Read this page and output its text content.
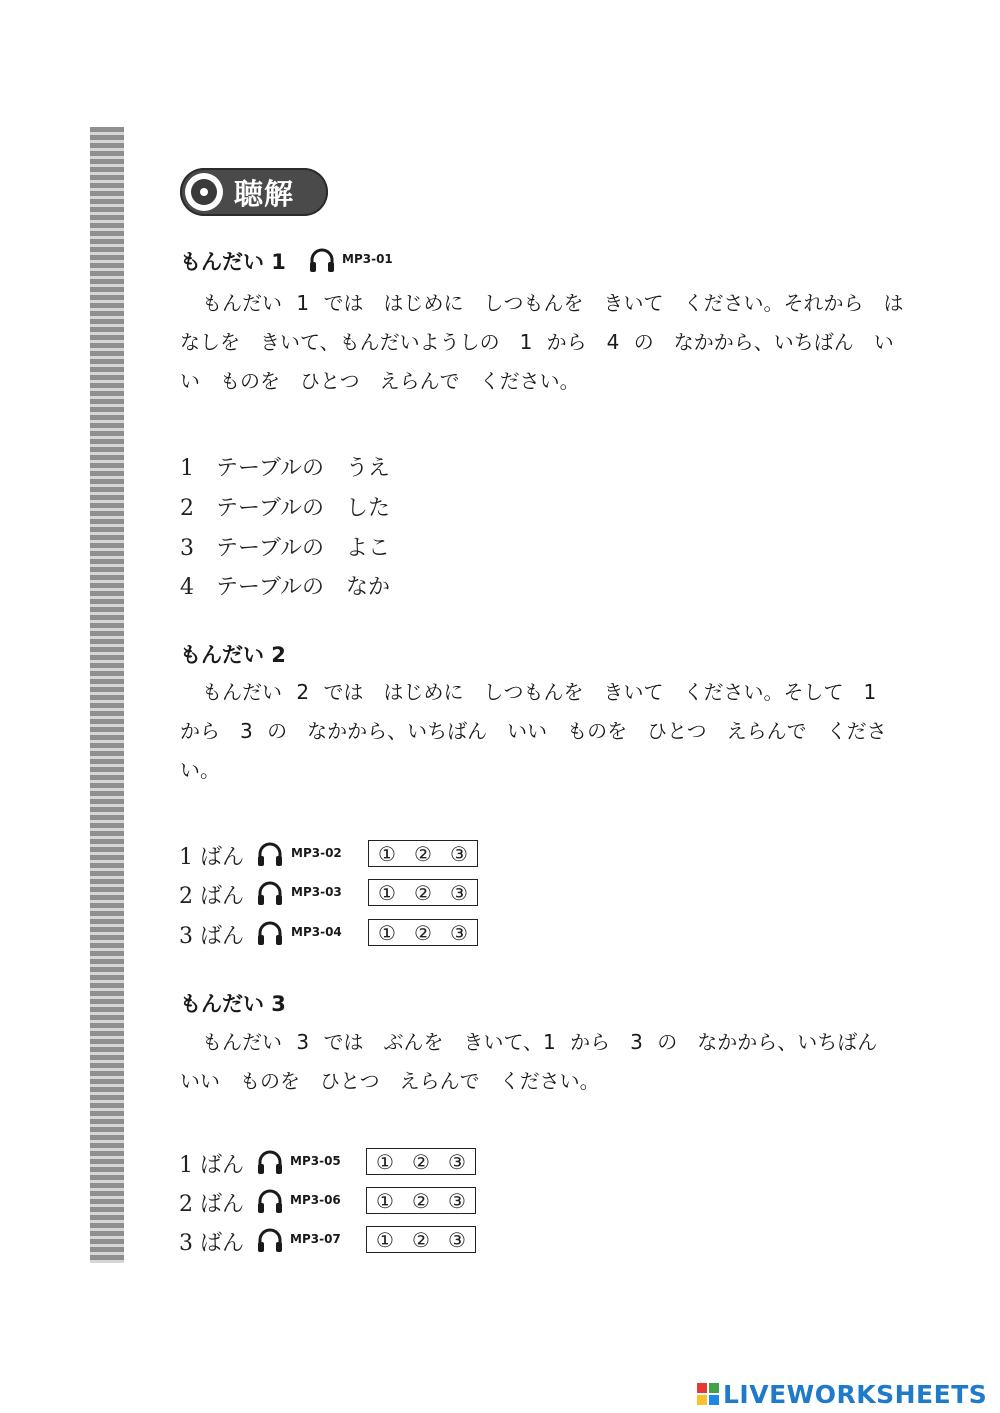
聴解
もんだい 1	MP3-01
もんだい 1 では　はじめに　しつもんを　きいて　ください。それから　はなしを　きいて、もんだいようしの　1 から　4 の　なかから、いちばん　いい　ものを　ひとつ　えらんで　ください。
1 テーブルの　うえ
2 テーブルの　した
3 テーブルの　よこ
4 テーブルの　なか
もんだい 2
もんだい 2 では　はじめに　しつもんを　きいて　ください。そして　1 から　3 の　なかから、いちばん　いい　ものを　ひとつ　えらんで　ください。
1 ばん	MP3-02 ① ② ③
2 ばん	MP3-03 ① ② ③
3 ばん	MP3-04 ① ② ③
もんだい 3
もんだい 3 では　ぶんを　きいて、1 から　3 の　なかから、いちばん　いい　ものを　ひとつ　えらんで　ください。
1 ばん	MP3-05 ① ② ③
2 ばん	MP3-06 ① ② ③
3 ばん	MP3-07 ① ② ③
LIVEWORKSHEETS
